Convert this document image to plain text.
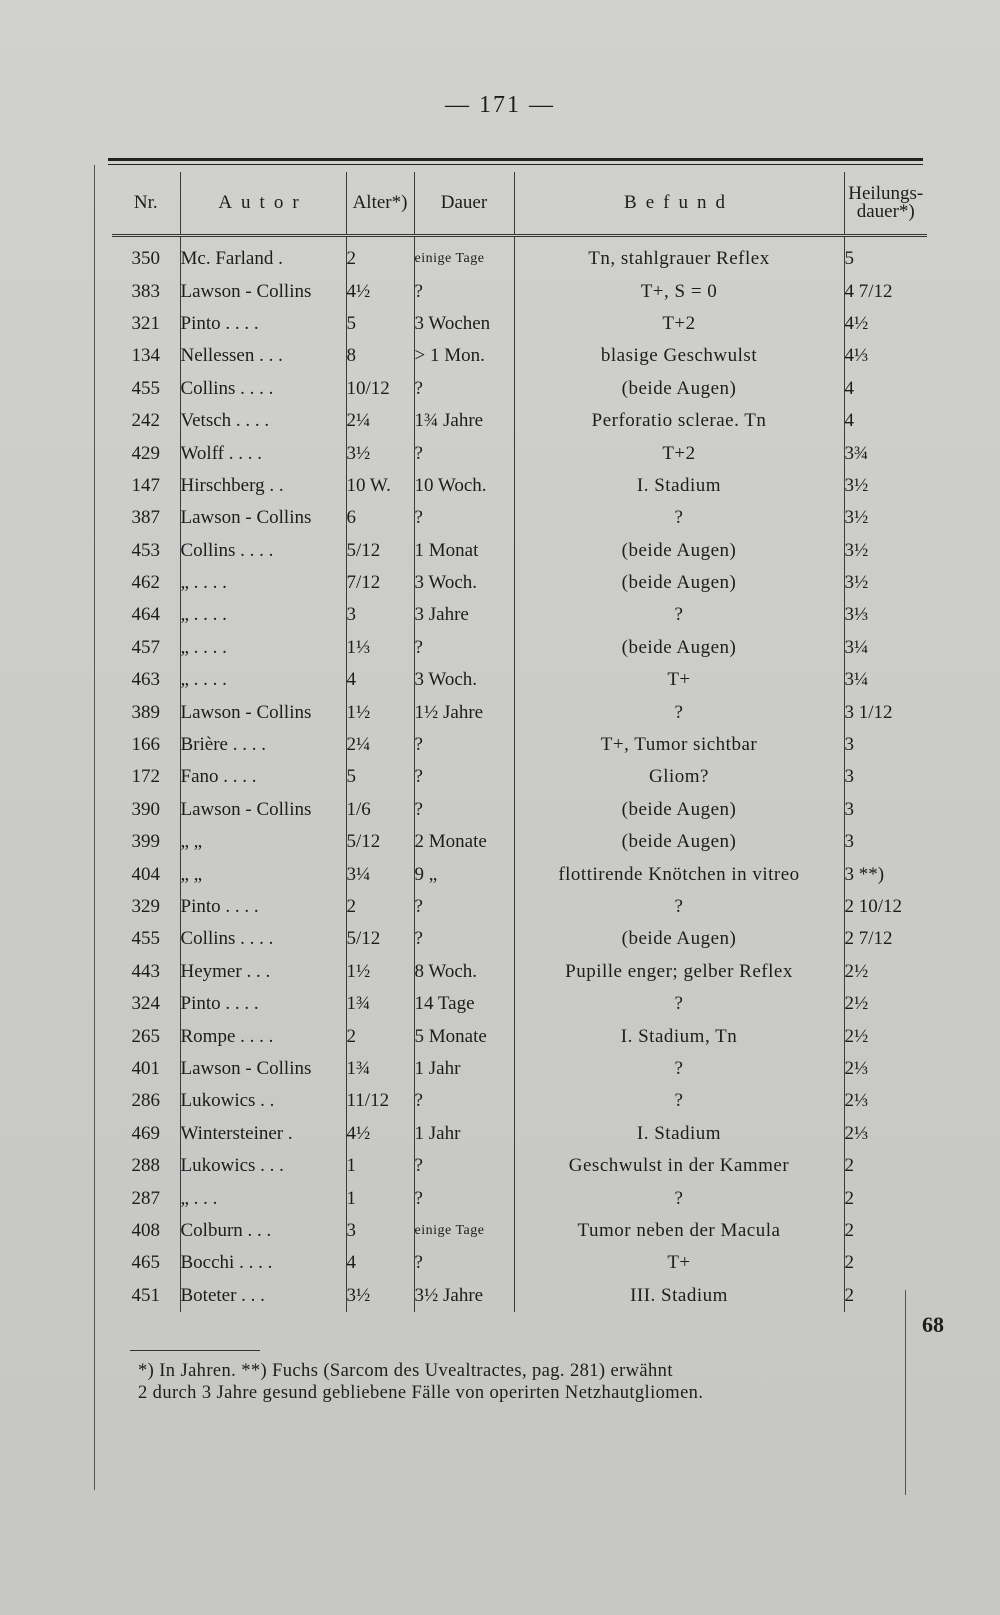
— 171 —
Nr.	Autor	Alter*)	Dauer	Befund	Heilungs-
dauer*)
350	Mc. Farland .	2	einige Tage	Tn, stahlgrauer Reflex	5
383	Lawson - Collins	4½	?	T+, S = 0	4 7/12
321	Pinto . . . .	5	3 Wochen	T+2	4½
134	Nellessen . . .	8	> 1 Mon.	blasige Geschwulst	4⅓
455	Collins . . . .	10/12	?	(beide Augen)	4
242	Vetsch . . . .	2¼	1¾ Jahre	Perforatio sclerae. Tn	4
429	Wolff . . . .	3½	?	T+2	3¾
147	Hirschberg . .	10 W.	10 Woch.	I. Stadium	3½
387	Lawson - Collins	6	?	?	3½
453	Collins . . . .	5/12	1 Monat	(beide Augen)	3½
462	„ . . . .	7/12	3 Woch.	(beide Augen)	3½
464	„ . . . .	3	3 Jahre	?	3⅓
457	„ . . . .	1⅓	?	(beide Augen)	3¼
463	„ . . . .	4	3 Woch.	T+	3¼
389	Lawson - Collins	1½	1½ Jahre	?	3 1/12
166	Brière . . . .	2¼	?	T+, Tumor sichtbar	3
172	Fano . . . .	5	?	Gliom?	3
390	Lawson - Collins	1/6	?	(beide Augen)	3
399	„ „	5/12	2 Monate	(beide Augen)	3
404	„ „	3¼	9 „	flottirende Knötchen in vitreo	3 **)
329	Pinto . . . .	2	?	?	2 10/12
455	Collins . . . .	5/12	?	(beide Augen)	2 7/12
443	Heymer . . .	1½	8 Woch.	Pupille enger; gelber Reflex	2½
324	Pinto . . . .	1¾	14 Tage	?	2½
265	Rompe . . . .	2	5 Monate	I. Stadium, Tn	2½
401	Lawson - Collins	1¾	1 Jahr	?	2⅓
286	Lukowics . .	11/12	?	?	2⅓
469	Wintersteiner .	4½	1 Jahr	I. Stadium	2⅓
288	Lukowics . . .	1	?	Geschwulst in der Kammer	2
287	„ . . .	1	?	?	2
408	Colburn . . .	3	einige Tage	Tumor neben der Macula	2
465	Bocchi . . . .	4	?	T+	2
451	Boteter . . .	3½	3½ Jahre	III. Stadium	2
*) In Jahren. **) Fuchs (Sarcom des Uvealtractes, pag. 281) erwähnt
2 durch 3 Jahre gesund gebliebene Fälle von operirten Netzhautgliomen.
68
